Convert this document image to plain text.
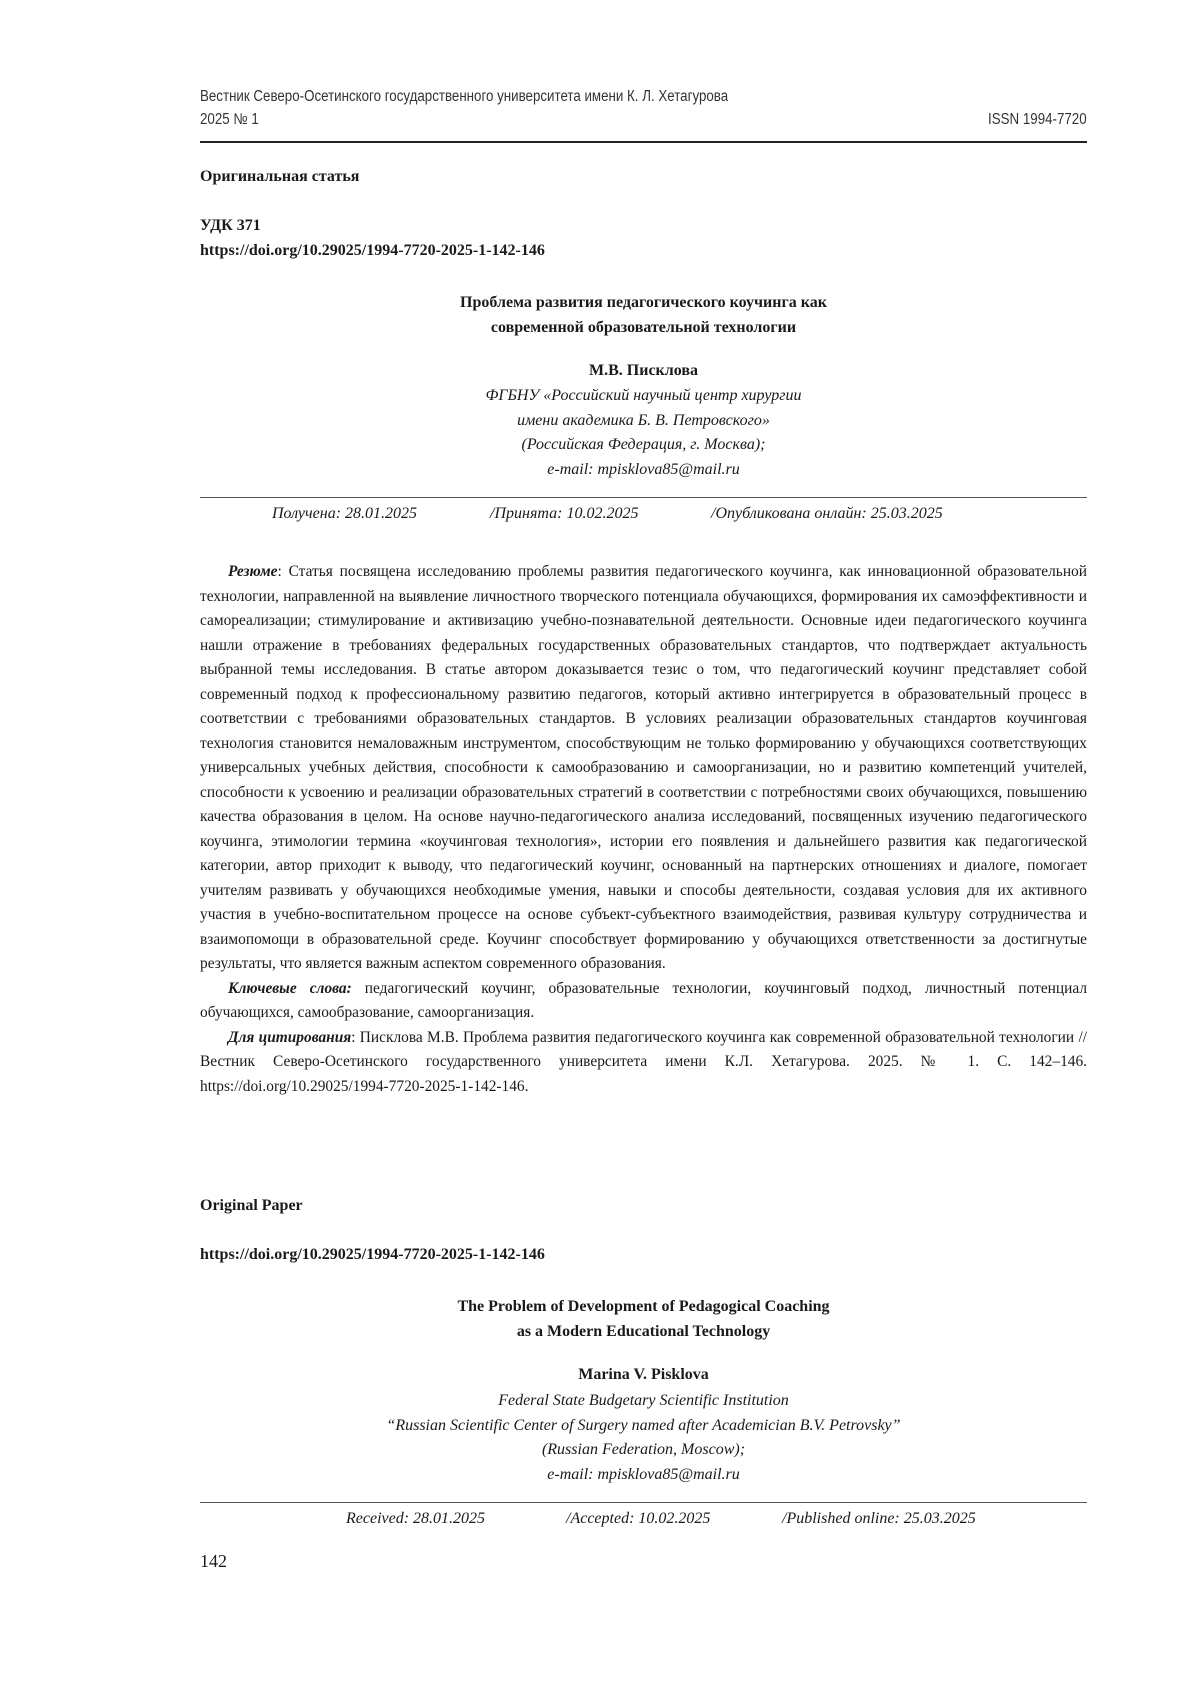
Вестник Северо-Осетинского государственного университета имени К. Л. Хетагурова
2025 № 1	ISSN 1994-7720
Оригинальная статья
УДК 371
https://doi.org/10.29025/1994-7720-2025-1-142-146
Проблема развития педагогического коучинга как
современной образовательной технологии
М.В. Писклова
ФГБНУ «Российский научный центр хирургии
имени академика Б. В. Петровского»
(Российская Федерация, г. Москва);
e-mail: mpisklova85@mail.ru
Получена: 28.01.2025	/Принята: 10.02.2025	/Опубликована онлайн: 25.03.2025

Резюме: Статья посвящена исследованию проблемы развития педагогического коучинга, как инновационной образовательной технологии, направленной на выявление личностного творческого потенциала обучающихся, формирования их самоэффективности и самореализации; стимулирование и активизацию учебно-познавательной деятельности. Основные идеи педагогического коучинга нашли отражение в требованиях федеральных государственных образовательных стандартов, что подтверждает актуальность выбранной темы исследования. В статье автором доказывается тезис о том, что педагогический коучинг представляет собой современный подход к профессиональному развитию педагогов, который активно интегрируется в образовательный процесс в соответствии с требованиями образовательных стандартов. В условиях реализации образовательных стандартов коучинговая технология становится немаловажным инструментом, способствующим не только формированию у обучающихся соответствующих универсальных учебных действия, способности к самообразованию и самоорганизации, но и развитию компетенций учителей, способности к усвоению и реализации образовательных стратегий в соответствии с потребностями своих обучающихся, повышению качества образования в целом. На основе научно-педагогического анализа исследований, посвященных изучению педагогического коучинга, этимологии термина «коучинговая технология», истории его появления и дальнейшего развития как педагогической категории, автор приходит к выводу, что педагогический коучинг, основанный на партнерских отношениях и диалоге, помогает учителям развивать у обучающихся необходимые умения, навыки и способы деятельности, создавая условия для их активного участия в учебно-воспитательном процессе на основе субъект-субъектного взаимодействия, развивая культуру сотрудничества и взаимопомощи в образовательной среде. Коучинг способствует формированию у обучающихся ответственности за достигнутые результаты, что является важным аспектом современного образования.

Ключевые слова: педагогический коучинг, образовательные технологии, коучинговый подход, личностный потенциал обучающихся, самообразование, самоорганизация.

Для цитирования: Писклова М.В. Проблема развития педагогического коучинга как современной образовательной технологии // Вестник Северо-Осетинского государственного университета имени К.Л. Хетагурова. 2025. № 1. С. 142–146. https://doi.org/10.29025/1994-7720-2025-1-142-146.

Original Paper
https://doi.org/10.29025/1994-7720-2025-1-142-146
The Problem of Development of Pedagogical Coaching
as a Modern Educational Technology
Marina V. Pisklova
Federal State Budgetary Scientific Institution
“Russian Scientific Center of Surgery named after Academician B.V. Petrovsky”
(Russian Federation, Moscow);
e-mail: mpisklova85@mail.ru
Received: 28.01.2025	/Accepted: 10.02.2025	/Published online: 25.03.2025
142
